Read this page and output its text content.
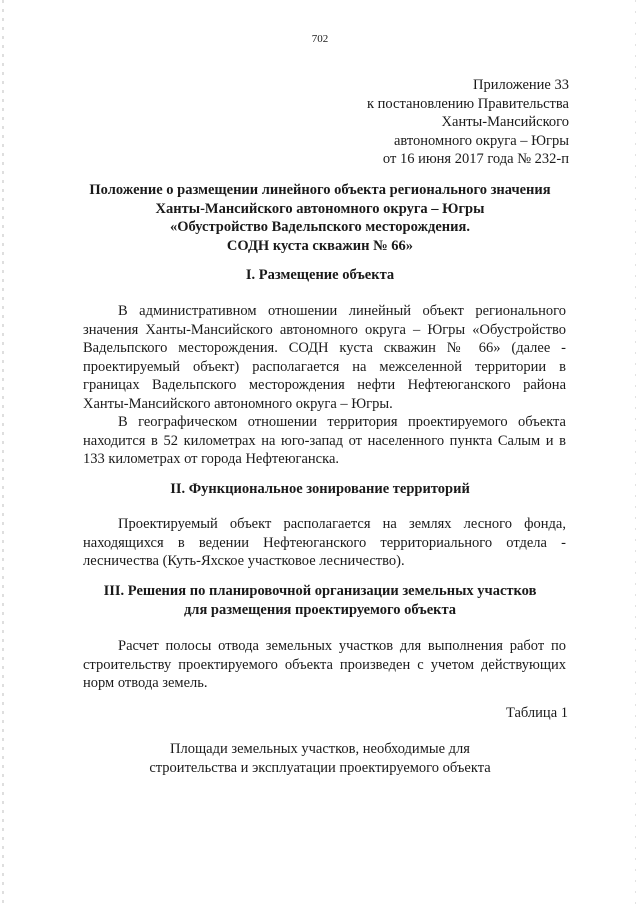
702
Приложение 33
к постановлению Правительства
Ханты-Мансийского
автономного округа – Югры
от 16 июня 2017 года № 232-п
Положение о размещении линейного объекта регионального значения
Ханты-Мансийского автономного округа – Югры
«Обустройство Вадельпского месторождения.
СОДН куста скважин № 66»
I. Размещение объекта
В административном отношении линейный объект регионального значения Ханты-Мансийского автономного округа – Югры «Обустройство Вадельпского месторождения. СОДН куста скважин № 66» (далее - проектируемый объект) располагается на межселенной территории в границах Вадельпского месторождения нефти Нефтеюганского района Ханты-Мансийского автономного округа – Югры.
В географическом отношении территория проектируемого объекта находится в 52 километрах на юго-запад от населенного пункта Салым и в 133 километрах от города Нефтеюганска.
II. Функциональное зонирование территорий
Проектируемый объект располагается на землях лесного фонда, находящихся в ведении Нефтеюганского территориального отдела - лесничества (Куть-Яхское участковое лесничество).
III. Решения по планировочной организации земельных участков
для размещения проектируемого объекта
Расчет полосы отвода земельных участков для выполнения работ по строительству проектируемого объекта произведен с учетом действующих норм отвода земель.
Таблица 1
Площади земельных участков, необходимые для
строительства и эксплуатации проектируемого объекта
